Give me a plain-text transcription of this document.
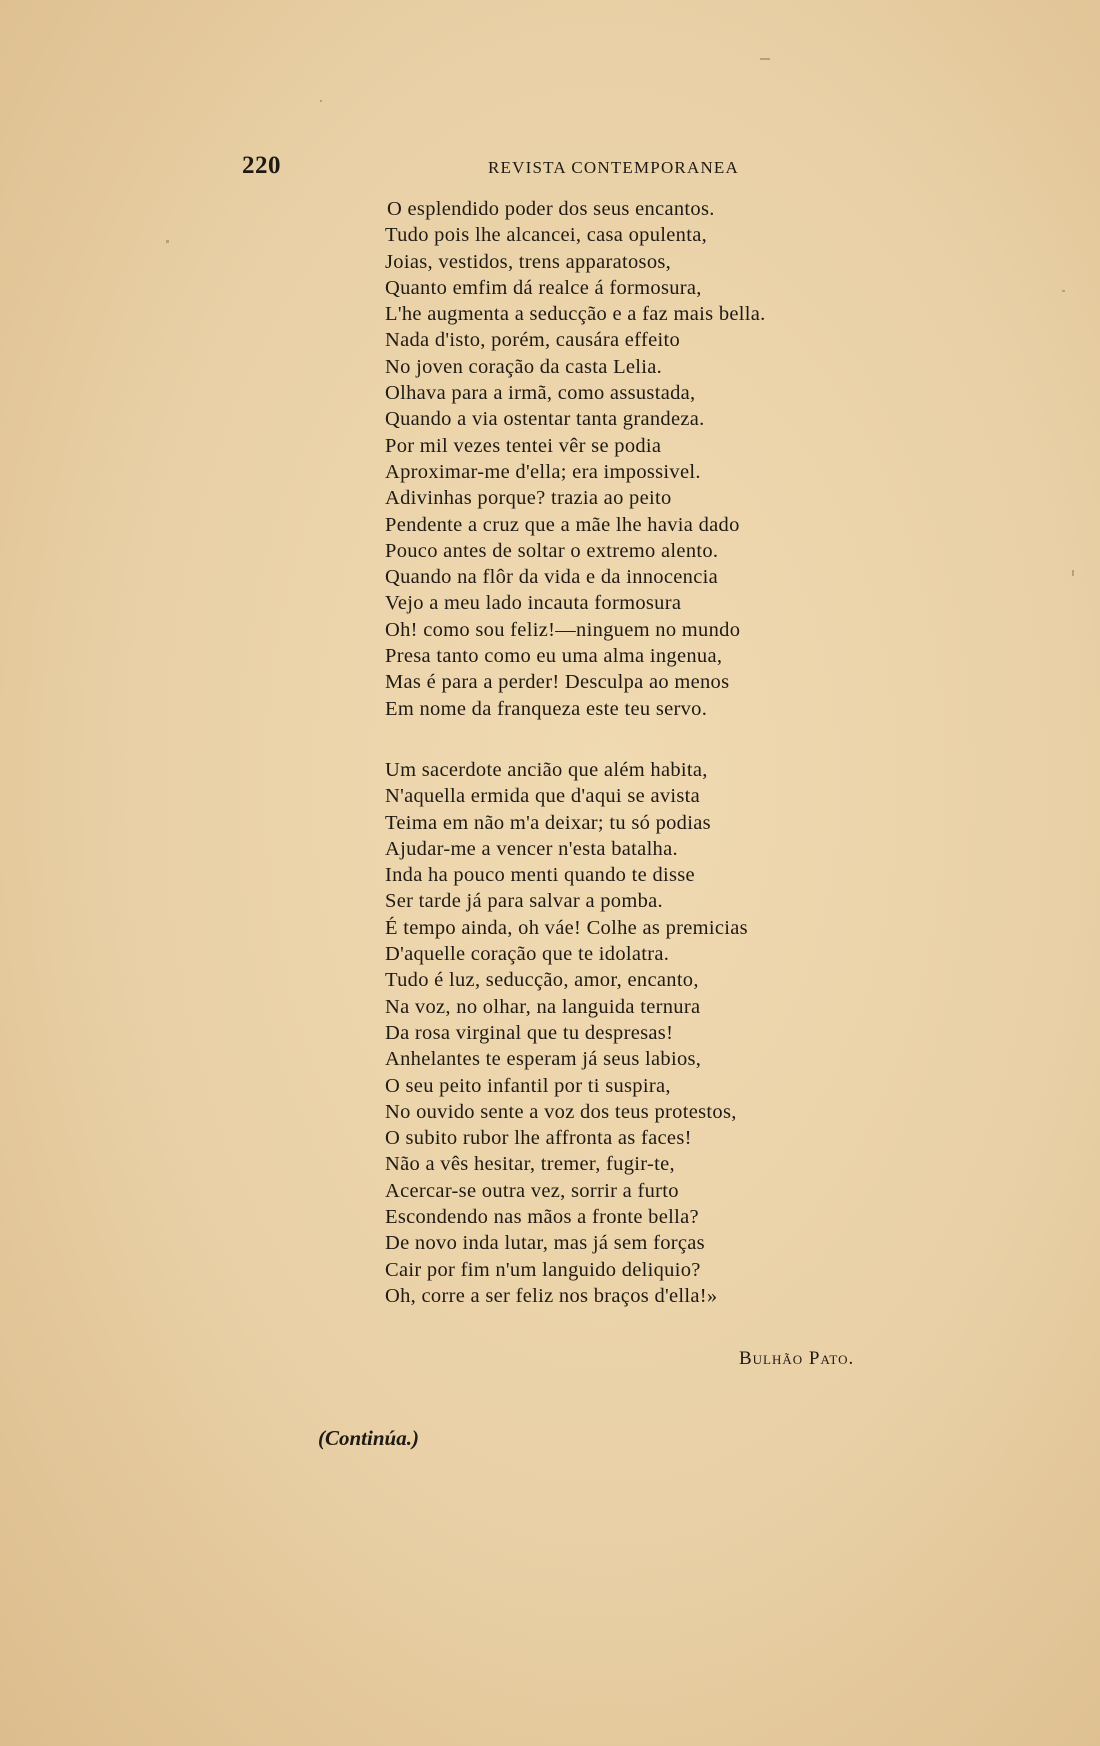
220	REVISTA CONTEMPORANEA
O esplendido poder dos seus encantos.
Tudo pois lhe alcancei, casa opulenta,
Joias, vestidos, trens apparatosos,
Quanto emfim dá realce á formosura,
L'he augmenta a seducção e a faz mais bella.
Nada d'isto, porém, causára effeito
No joven coração da casta Lelia.
Olhava para a irmã, como assustada,
Quando a via ostentar tanta grandeza.
Por mil vezes tentei vêr se podia
Aproximar-me d'ella; era impossivel.
Adivinhas porque? trazia ao peito
Pendente a cruz que a mãe lhe havia dado
Pouco antes de soltar o extremo alento.
Quando na flôr da vida e da innocencia
Vejo a meu lado incauta formosura
Oh! como sou feliz!—ninguem no mundo
Presa tanto como eu uma alma ingenua,
Mas é para a perder! Desculpa ao menos
Em nome da franqueza este teu servo.
Um sacerdote ancião que além habita,
N'aquella ermida que d'aqui se avista
Teima em não m'a deixar; tu só podias
Ajudar-me a vencer n'esta batalha.
Inda ha pouco menti quando te disse
Ser tarde já para salvar a pomba.
É tempo ainda, oh váe! Colhe as premicias
D'aquelle coração que te idolatra.
Tudo é luz, seducção, amor, encanto,
Na voz, no olhar, na languida ternura
Da rosa virginal que tu despresas!
Anhelantes te esperam já seus labios,
O seu peito infantil por ti suspira,
No ouvido sente a voz dos teus protestos,
O subito rubor lhe affronta as faces!
Não a vês hesitar, tremer, fugir-te,
Acercar-se outra vez, sorrir a furto
Escondendo nas mãos a fronte bella?
De novo inda lutar, mas já sem forças
Cair por fim n'um languido deliquio?
Oh, corre a ser feliz nos braços d'ella!»
Bulhão Pato.
(Continúa.)
